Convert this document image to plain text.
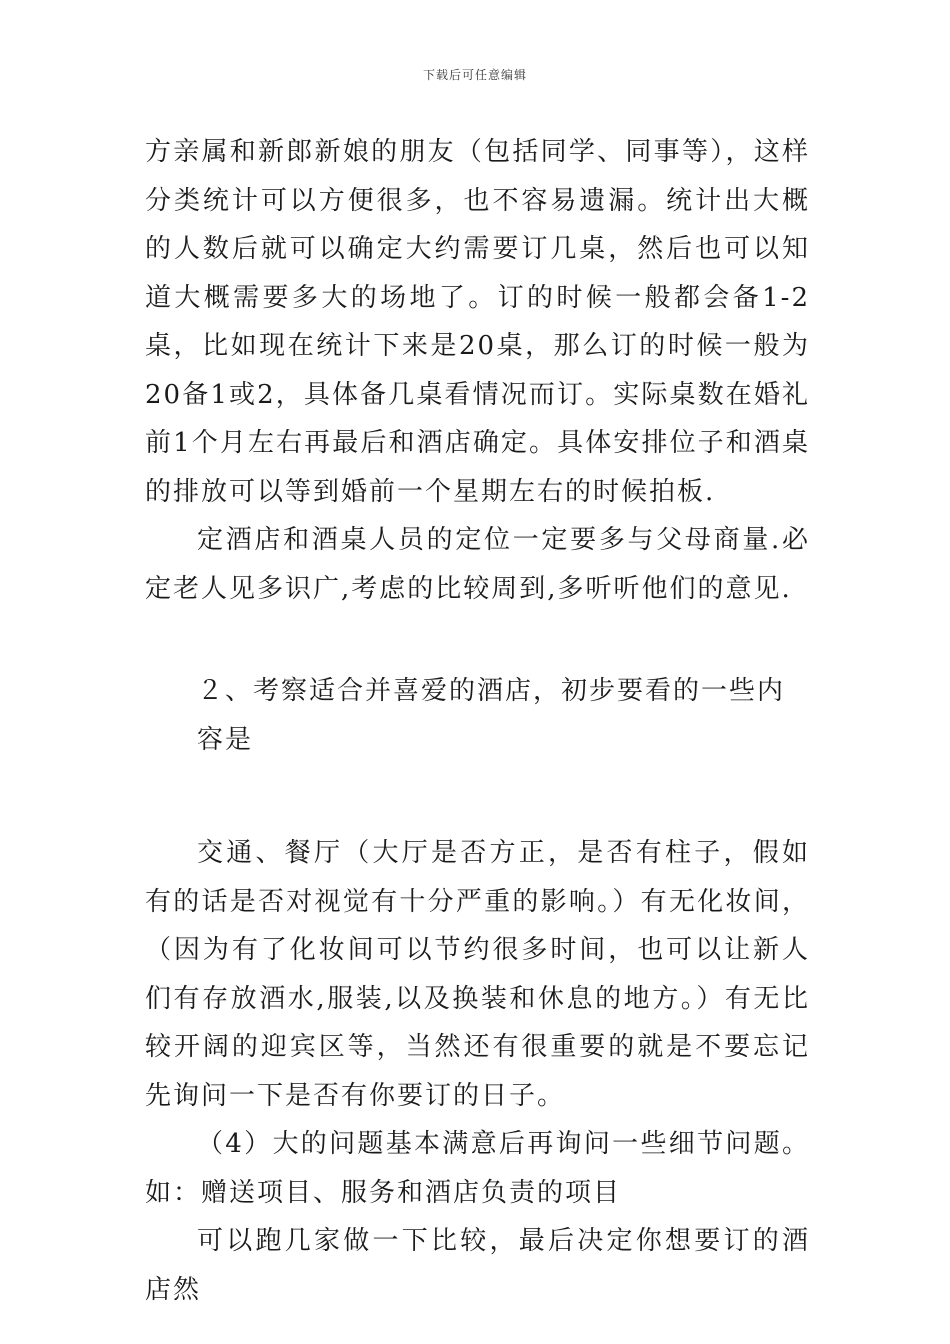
下载后可任意编辑

方亲属和新郎新娘的朋友（包括同学、同事等），这样分类统计可以方便很多，也不容易遗漏。统计出大概的人数后就可以确定大约需要订几桌，然后也可以知道大概需要多大的场地了。订的时候一般都会备1-2桌，比如现在统计下来是20桌，那么订的时候一般为20备1或2，具体备几桌看情况而订。实际桌数在婚礼前1个月左右再最后和酒店确定。具体安排位子和酒桌的排放可以等到婚前一个星期左右的时候拍板.

定酒店和酒桌人员的定位一定要多与父母商量.必定老人见多识广,考虑的比较周到,多听听他们的意见.

２、考察适合并喜爱的酒店，初步要看的一些内容是

交通、餐厅（大厅是否方正，是否有柱子，假如有的话是否对视觉有十分严重的影响。）有无化妆间，（因为有了化妆间可以节约很多时间，也可以让新人们有存放酒水,服装,以及换装和休息的地方。）有无比较开阔的迎宾区等，当然还有很重要的就是不要忘记先询问一下是否有你要订的日子。

（4）大的问题基本满意后再询问一些细节问题。如：赠送项目、服务和酒店负责的项目

可以跑几家做一下比较，最后决定你想要订的酒店然
